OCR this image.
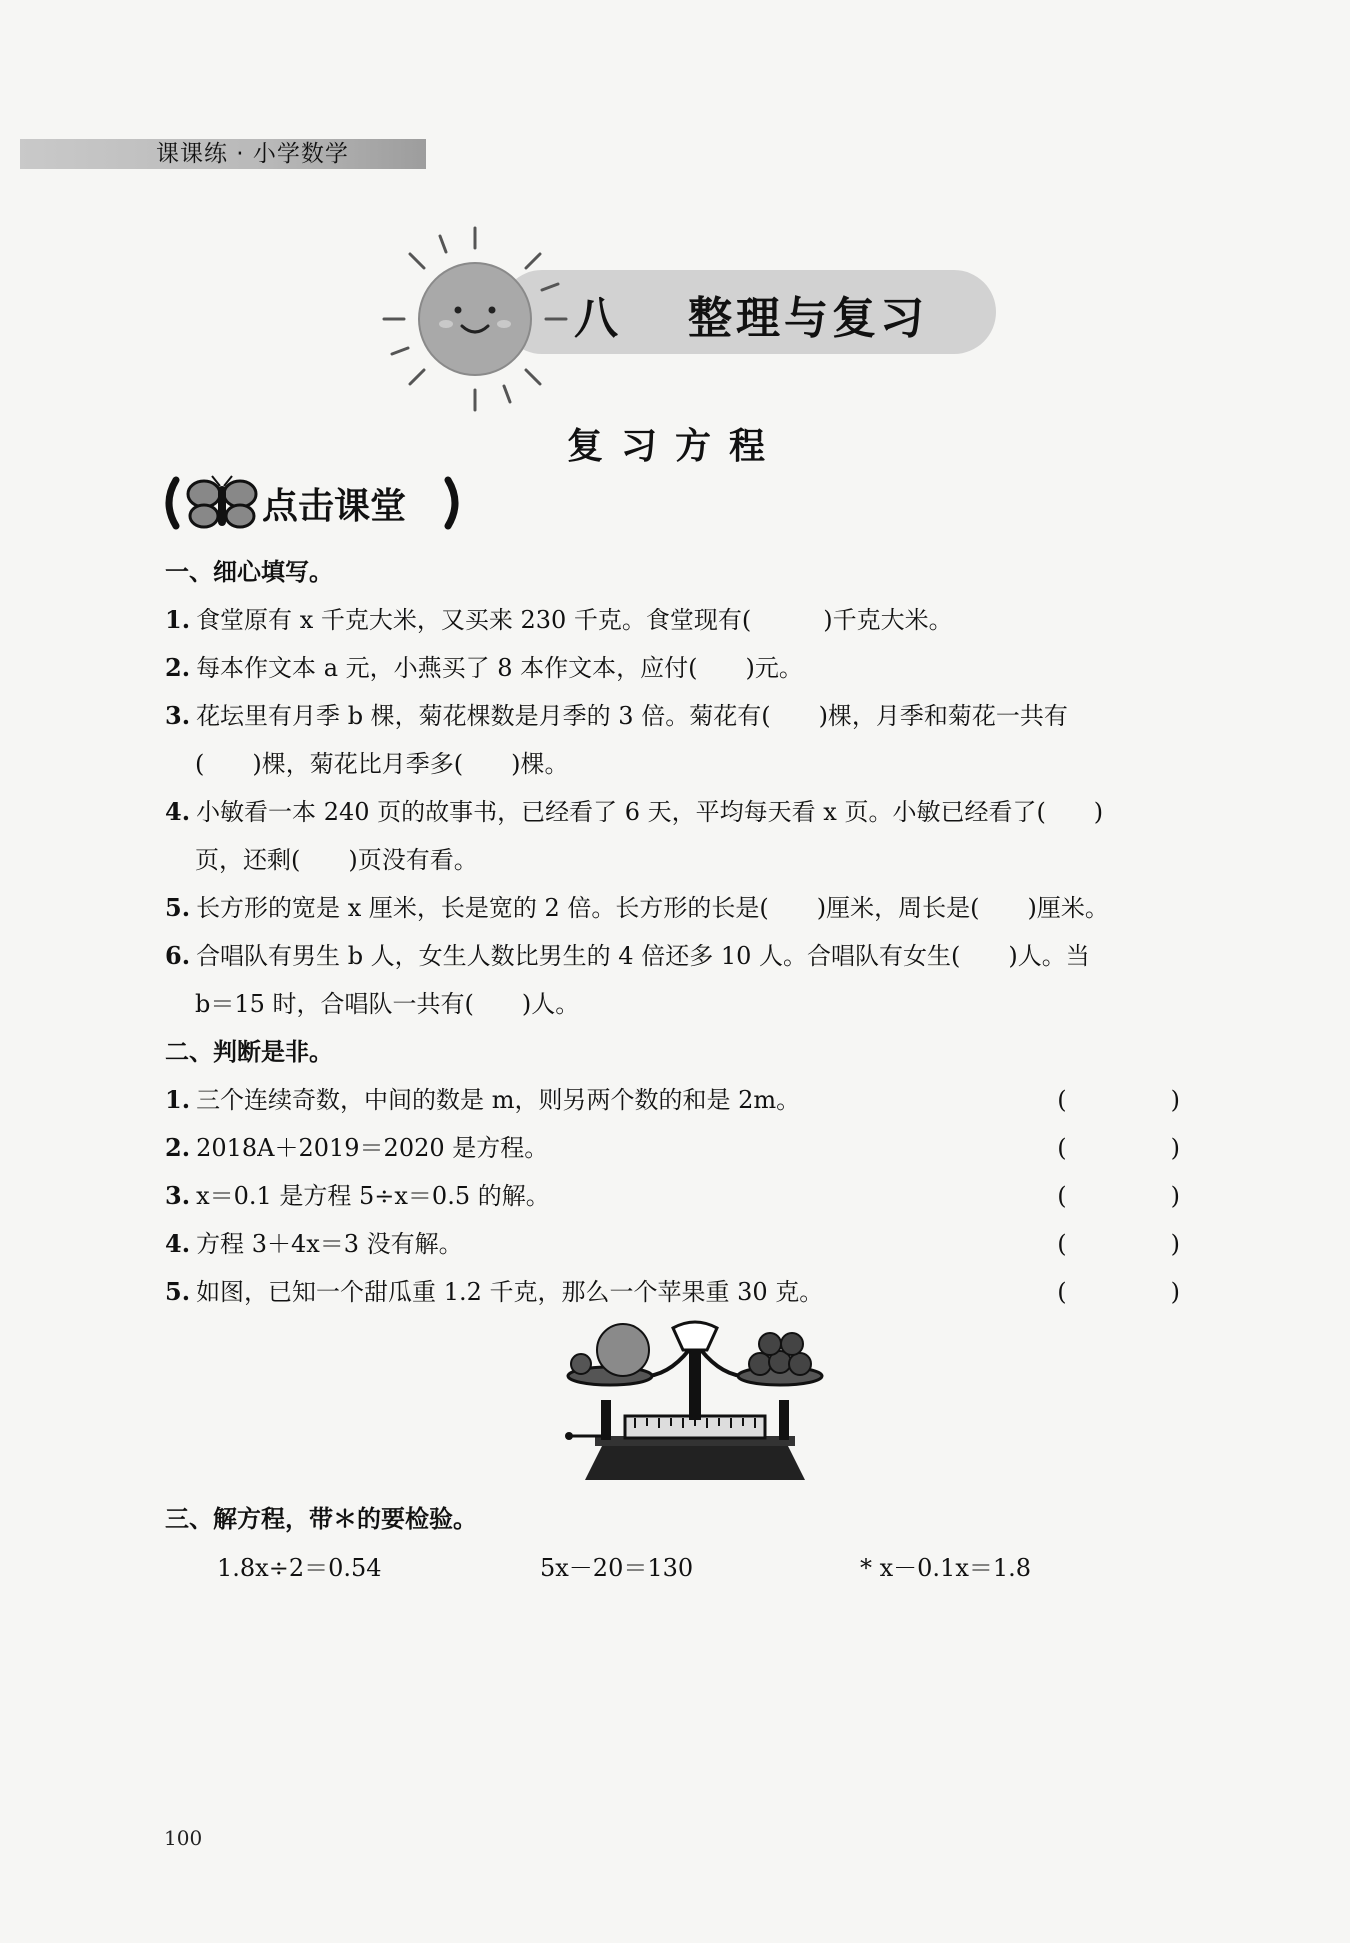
课课练 · 小学数学
八 整理与复习
复习方程
点击课堂
一、细心填写。
1. 食堂原有 x 千克大米，又买来 230 千克。食堂现有(　　　)千克大米。
2. 每本作文本 a 元，小燕买了 8 本作文本，应付(　　)元。
3. 花坛里有月季 b 棵，菊花棵数是月季的 3 倍。菊花有(　　)棵，月季和菊花一共有
(　　)棵，菊花比月季多(　　)棵。
4. 小敏看一本 240 页的故事书，已经看了 6 天，平均每天看 x 页。小敏已经看了(　　)
页，还剩(　　)页没有看。
5. 长方形的宽是 x 厘米，长是宽的 2 倍。长方形的长是(　　)厘米，周长是(　　)厘米。
6. 合唱队有男生 b 人，女生人数比男生的 4 倍还多 10 人。合唱队有女生(　　)人。当
b＝15 时，合唱队一共有(　　)人。
二、判断是非。
1. 三个连续奇数，中间的数是 m，则另两个数的和是 2m。	(　)
2. 2018A＋2019＝2020 是方程。	(　)
3. x＝0.1 是方程 5÷x＝0.5 的解。	(　)
4. 方程 3＋4x＝3 没有解。	(　)
5. 如图，已知一个甜瓜重 1.2 千克，那么一个苹果重 30 克。	(　)
三、解方程，带＊的要检验。
1.8x÷2＝0.54	5x－20＝130	* x－0.1x＝1.8
100
